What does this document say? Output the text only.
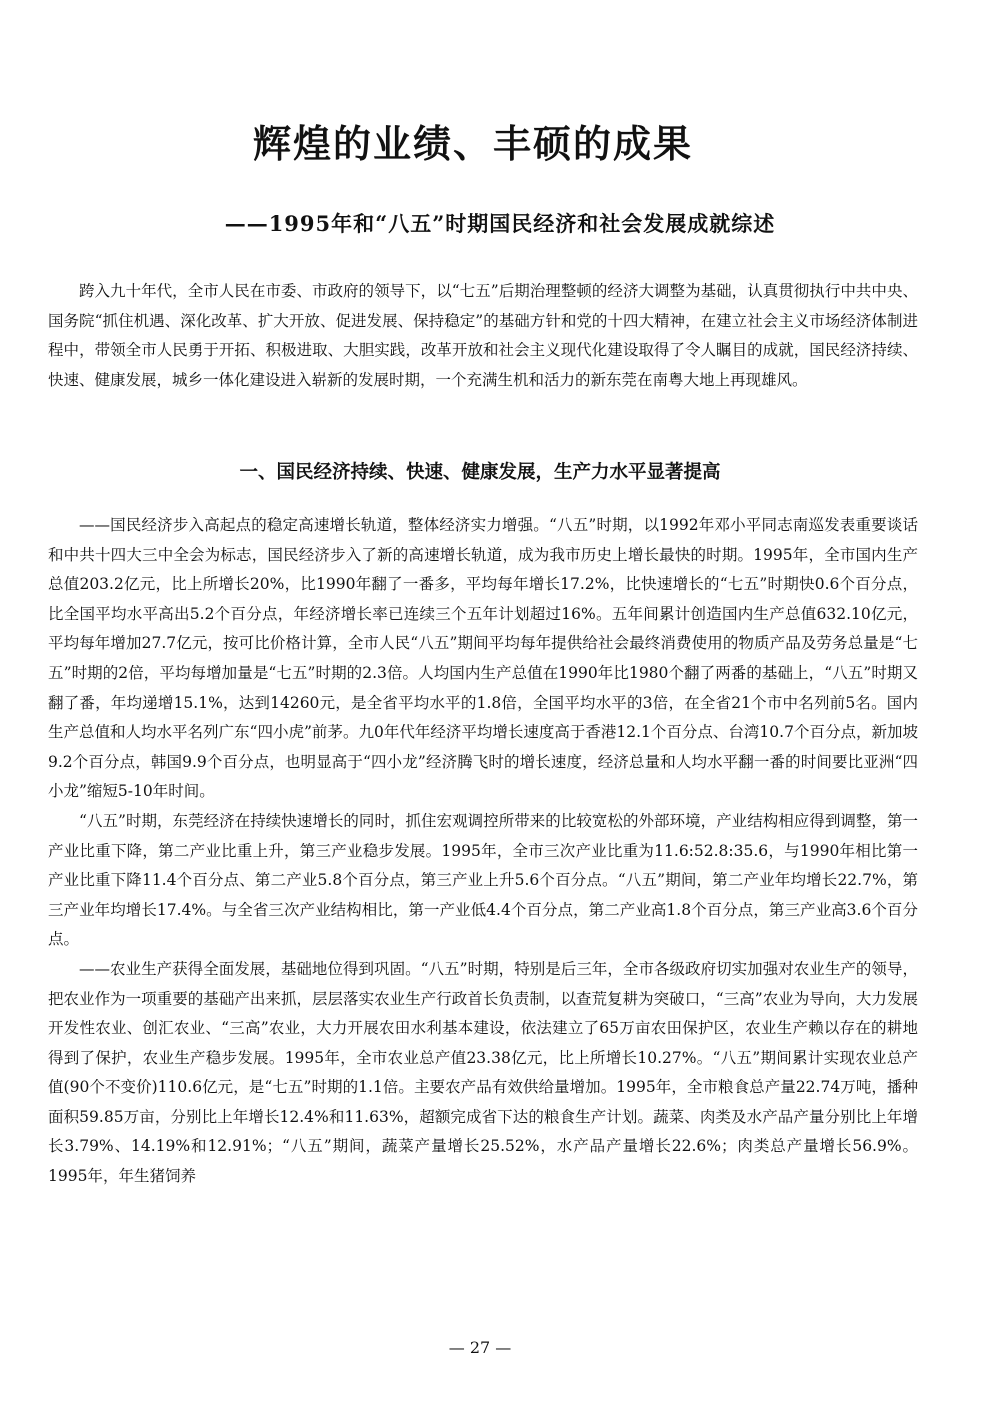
辉煌的业绩、丰硕的成果
——1995年和“八五”时期国民经济和社会发展成就综述

跨入九十年代，全市人民在市委、市政府的领导下，以“七五”后期治理整顿的经济大调整为基础，认真贯彻执行中共中央、国务院“抓住机遇、深化改革、扩大开放、促进发展、保持稳定”的基础方针和党的十四大精神，在建立社会主义市场经济体制进程中，带领全市人民勇于开拓、积极进取、大胆实践，改革开放和社会主义现代化建设取得了令人瞩目的成就，国民经济持续、快速、健康发展，城乡一体化建设进入崭新的发展时期，一个充满生机和活力的新东莞在南粤大地上再现雄风。

一、国民经济持续、快速、健康发展，生产力水平显著提高

——国民经济步入高起点的稳定高速增长轨道，整体经济实力增强。“八五”时期，以1992年邓小平同志南巡发表重要谈话和中共十四大三中全会为标志，国民经济步入了新的高速增长轨道，成为我市历史上增长最快的时期。1995年，全市国内生产总值203.2亿元，比上所增长20%，比1990年翻了一番多，平均每年增长17.2%，比快速增长的“七五”时期快0.6个百分点，比全国平均水平高出5.2个百分点，年经济增长率已连续三个五年计划超过16%。五年间累计创造国内生产总值632.10亿元，平均每年增加27.7亿元，按可比价格计算，全市人民“八五”期间平均每年提供给社会最终消费使用的物质产品及劳务总量是“七五”时期的2倍，平均每增加量是“七五”时期的2.3倍。人均国内生产总值在1990年比1980个翻了两番的基础上，“八五”时期又翻了番，年均递增15.1%，达到14260元，是全省平均水平的1.8倍，全国平均水平的3倍，在全省21个市中名列前5名。国内生产总值和人均水平名列广东“四小虎”前茅。九0年代年经济平均增长速度高于香港12.1个百分点、台湾10.7个百分点，新加坡9.2个百分点，韩国9.9个百分点，也明显高于“四小龙”经济腾飞时的增长速度，经济总量和人均水平翻一番的时间要比亚洲“四小龙”缩短5-10年时间。

“八五”时期，东莞经济在持续快速增长的同时，抓住宏观调控所带来的比较宽松的外部环境，产业结构相应得到调整，第一产业比重下降，第二产业比重上升，第三产业稳步发展。1995年，全市三次产业比重为11.6:52.8:35.6，与1990年相比第一产业比重下降11.4个百分点、第二产业5.8个百分点，第三产业上升5.6个百分点。“八五”期间，第二产业年均增长22.7%，第三产业年均增长17.4%。与全省三次产业结构相比，第一产业低4.4个百分点，第二产业高1.8个百分点，第三产业高3.6个百分点。

——农业生产获得全面发展，基础地位得到巩固。“八五”时期，特别是后三年，全市各级政府切实加强对农业生产的领导，把农业作为一项重要的基础产出来抓，层层落实农业生产行政首长负责制，以查荒复耕为突破口，“三高”农业为导向，大力发展开发性农业、创汇农业、“三高”农业，大力开展农田水利基本建设，依法建立了65万亩农田保护区，农业生产赖以存在的耕地得到了保护，农业生产稳步发展。1995年，全市农业总产值23.38亿元，比上所增长10.27%。“八五”期间累计实现农业总产值(90个不变价)110.6亿元，是“七五”时期的1.1倍。主要农产品有效供给量增加。1995年，全市粮食总产量22.74万吨，播种面积59.85万亩，分别比上年增长12.4%和11.63%，超额完成省下达的粮食生产计划。蔬菜、肉类及水产品产量分别比上年增长3.79%、14.19%和12.91%；“八五”期间，蔬菜产量增长25.52%，水产品产量增长22.6%；肉类总产量增长56.9%。1995年，年生猪饲养

— 27 —
